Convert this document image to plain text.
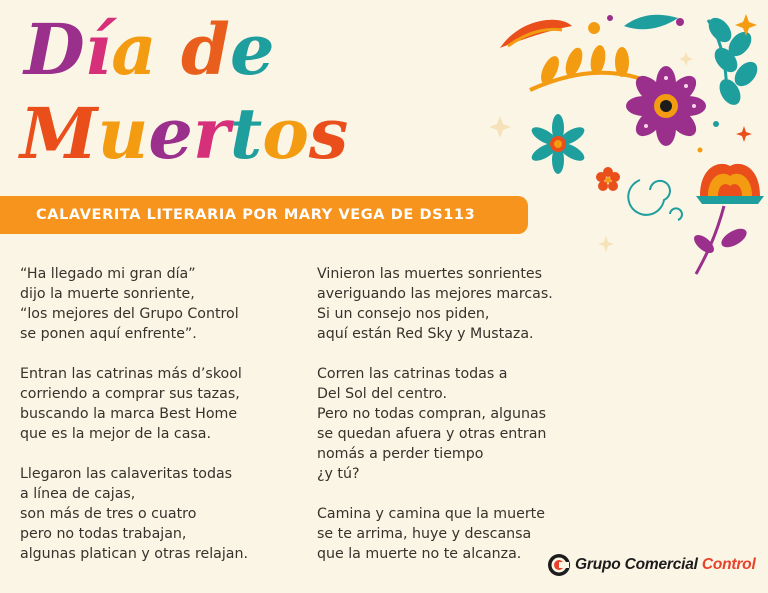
Día de
Muertos
CALAVERITA LITERARIA POR MARY VEGA DE DS113
“Ha llegado mi gran día”
dijo la muerte sonriente,
“los mejores del Grupo Control
se ponen aquí enfrente”.
Entran las catrinas más d’skool
corriendo a comprar sus tazas,
buscando la marca Best Home
que es la mejor de la casa.
Llegaron las calaveritas todas
a línea de cajas,
son más de tres o cuatro
pero no todas trabajan,
algunas platican y otras relajan.
Vinieron las muertes sonrientes
averiguando las mejores marcas.
Si un consejo nos piden,
aquí están Red Sky y Mustaza.
Corren las catrinas todas a
Del Sol del centro.
Pero no todas compran, algunas
se quedan afuera y otras entran
nomás a perder tiempo
¿y tú?
Camina y camina que la muerte
se te arrima, huye y descansa
que la muerte no te alcanza.
Grupo Comercial Control
